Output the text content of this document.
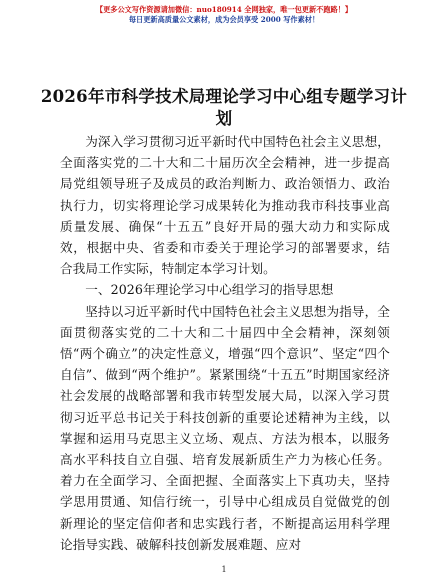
【更多公文写作资源请加微信：nuo180914 全网独家，唯一包更新不跑路！】
每日更新高质量公文素材，成为会员享受 2000 写作素材！
2026年市科学技术局理论学习中心组专题学习计划

为深入学习贯彻习近平新时代中国特色社会主义思想，全面落实党的二十大和二十届历次全会精神，进一步提高局党组领导班子及成员的政治判断力、政治领悟力、政治执行力，切实将理论学习成果转化为推动我市科技事业高质量发展、确保“十五五”良好开局的强大动力和实际成效，根据中央、省委和市委关于理论学习的部署要求，结合我局工作实际，特制定本学习计划。

一、2026年理论学习中心组学习的指导思想

坚持以习近平新时代中国特色社会主义思想为指导，全面贯彻落实党的二十大和二十届四中全会精神，深刻领悟“两个确立”的决定性意义，增强“四个意识”、坚定“四个自信”、做到“两个维护”。紧紧围绕“十五五”时期国家经济社会发展的战略部署和我市转型发展大局，以深入学习贯彻习近平总书记关于科技创新的重要论述精神为主线，以掌握和运用马克思主义立场、观点、方法为根本，以服务高水平科技自立自强、培育发展新质生产力为核心任务。着力在全面学习、全面把握、全面落实上下真功夫，坚持学思用贯通、知信行统一，引导中心组成员自觉做党的创新理论的坚定信仰者和忠实践行者，不断提高运用科学理论指导实践、破解科技创新发展难题、应对

1
